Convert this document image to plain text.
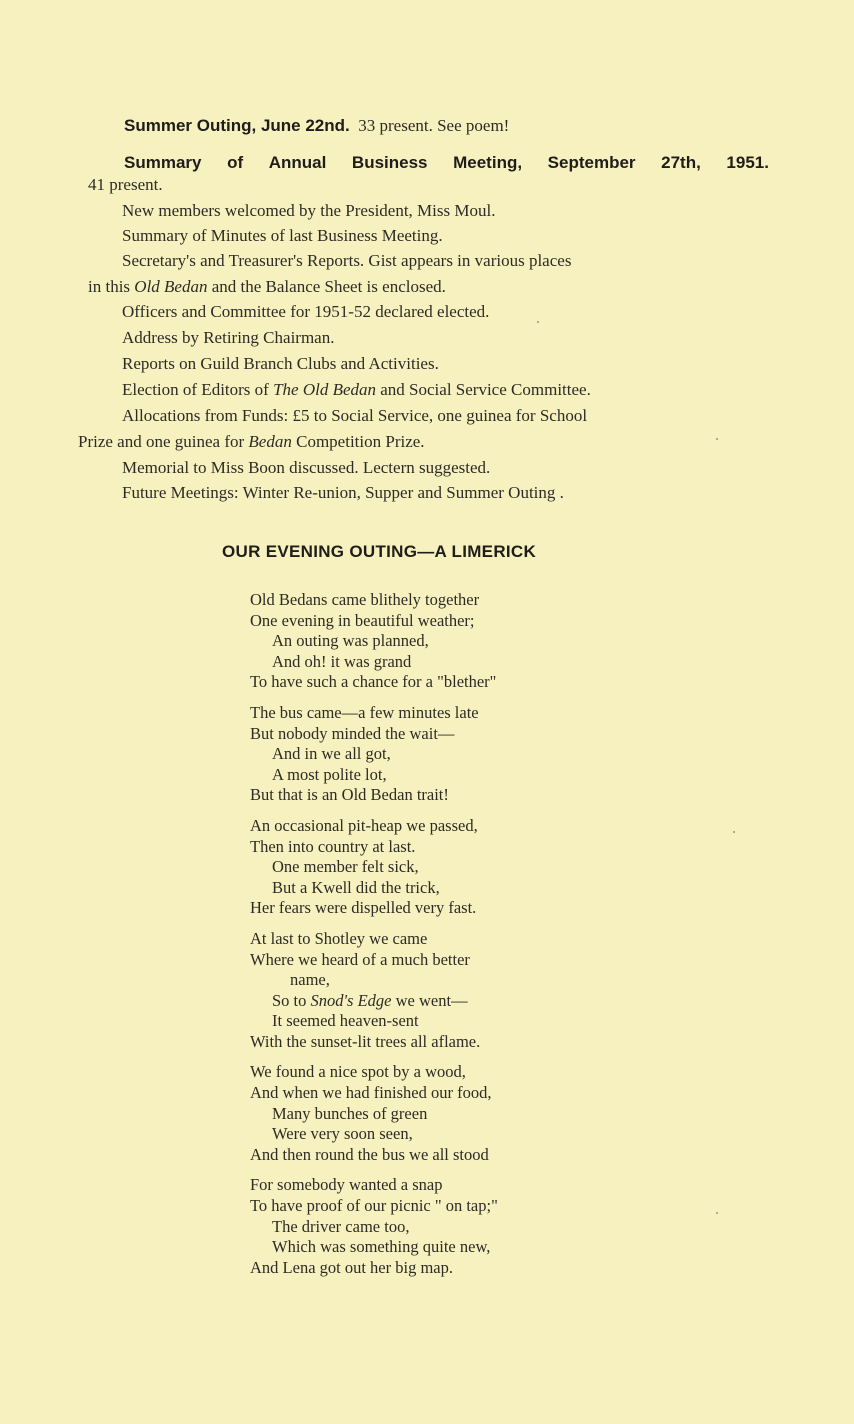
Summer Outing, June 22nd. 33 present. See poem!
Summary of Annual Business Meeting, September 27th, 1951.
41 present.
New members welcomed by the President, Miss Moul.
Summary of Minutes of last Business Meeting.
Secretary's and Treasurer's Reports. Gist appears in various places
in this Old Bedan and the Balance Sheet is enclosed.
Officers and Committee for 1951-52 declared elected.
Address by Retiring Chairman.
Reports on Guild Branch Clubs and Activities.
Election of Editors of The Old Bedan and Social Service Committee.
Allocations from Funds: £5 to Social Service, one guinea for School
Prize and one guinea for Bedan Competition Prize.
Memorial to Miss Boon discussed. Lectern suggested.
Future Meetings: Winter Re-union, Supper and Summer Outing .
OUR EVENING OUTING—A LIMERICK
Old Bedans came blithely together
One evening in beautiful weather;
An outing was planned,
And oh! it was grand
To have such a chance for a "blether"
The bus came—a few minutes late
But nobody minded the wait—
And in we all got,
A most polite lot,
But that is an Old Bedan trait!
An occasional pit-heap we passed,
Then into country at last.
One member felt sick,
But a Kwell did the trick,
Her fears were dispelled very fast.
At last to Shotley we came
Where we heard of a much better
name,
So to Snod's Edge we went—
It seemed heaven-sent
With the sunset-lit trees all aflame.
We found a nice spot by a wood,
And when we had finished our food,
Many bunches of green
Were very soon seen,
And then round the bus we all stood
For somebody wanted a snap
To have proof of our picnic " on tap;"
The driver came too,
Which was something quite new,
And Lena got out her big map.
